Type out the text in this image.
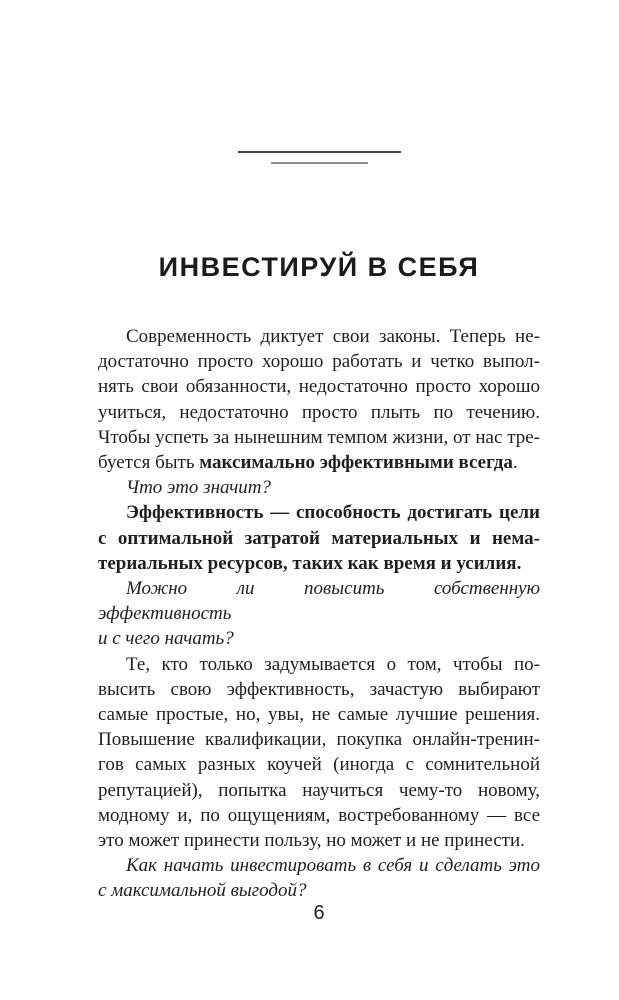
ИНВЕСТИРУЙ В СЕБЯ
Современность диктует свои законы. Теперь не-
достаточно просто хорошо работать и четко выпол-
нять свои обязанности, недостаточно просто хорошо
учиться, недостаточно просто плыть по течению.
Чтобы успеть за нынешним темпом жизни, от нас тре-
буется быть максимально эффективными всегда.
Что это значит?
Эффективность — способность достигать цели
с оптимальной затратой материальных и нема-
териальных ресурсов, таких как время и усилия.
Можно ли повысить собственную эффективность
и с чего начать?
Те, кто только задумывается о том, чтобы по-
высить свою эффективность, зачастую выбирают
самые простые, но, увы, не самые лучшие решения.
Повышение квалификации, покупка онлайн-тренин-
гов самых разных коучей (иногда с сомнительной
репутацией), попытка научиться чему-то новому,
модному и, по ощущениям, востребованному — все
это может принести пользу, но может и не принести.
Как начать инвестировать в себя и сделать это
с максимальной выгодой?
6
